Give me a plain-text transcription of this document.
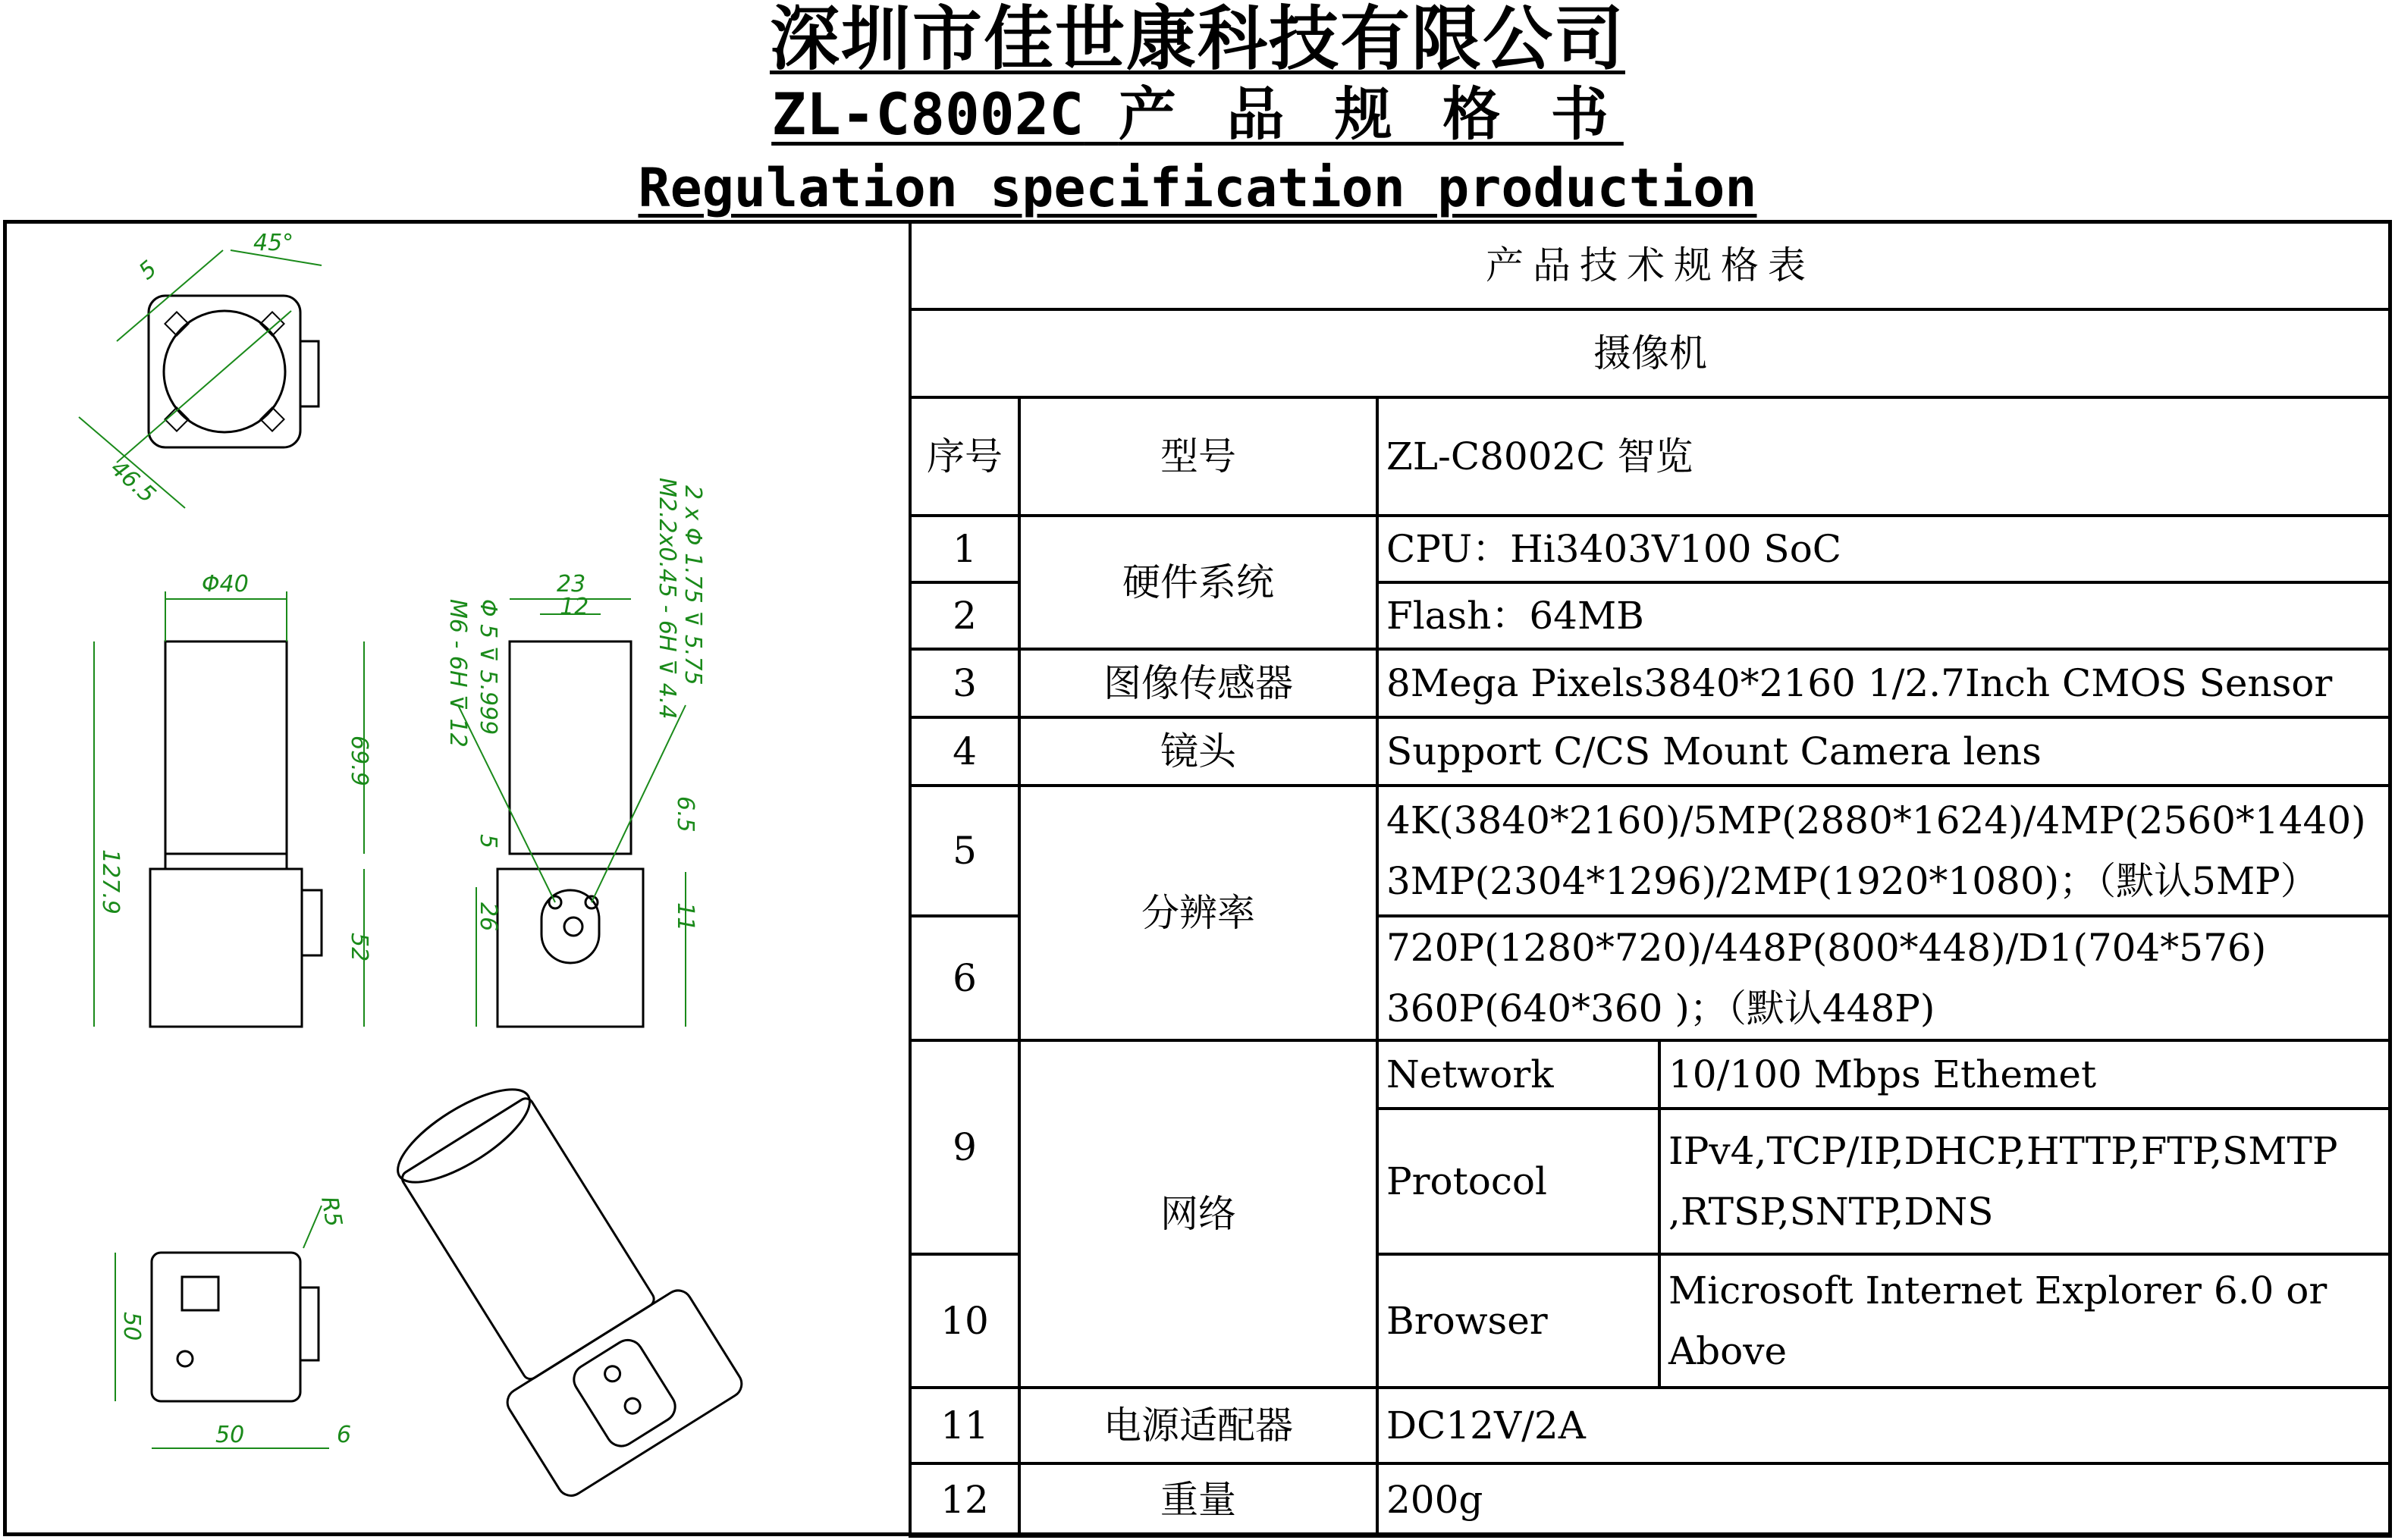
深圳市佳世康科技有限公司
ZL-C8002C 产 品 规 格 书
Regulation specification production
5
45°
46.5
Φ40
127.9
69.9
52
23
12
Φ 5 ⊽ 5.999
M6 - 6H ⊽ 12	2 x Φ 1.75 ⊽ 5.75
M2.2x0.45 - 6H ⊽ 4.4
5
26
6.5
11
R5
50
50	6
产品技术规格表			
摄像机			
序号	型号	ZL-C8002C 智览	
1	硬件系统	CPU：Hi3403V100 SoC	
2		Flash：64MB	
3	图像传感器	8Mega Pixels3840*2160 1/2.7Inch CMOS Sensor	
4	镜头	Support C/CS Mount Camera lens	
5	分辨率	4K(3840*2160)/5MP(2880*1624)/4MP(2560*1440)
3MP(2304*1296)/2MP(1920*1080)；（默认5MP）	

6		720P(1280*720)/448P(800*448)/D1(704*576)
360P(640*360 )；（默认448P)	

9	网络	Network	10/100 Mbps Ethemet
		Protocol	IPv4,TCP/IP,DHCP,HTTP,FTP,SMTP
,RTSP,SNTP,DNS

10		Browser	Microsoft Internet Explorer 6.0 or
Above

11	电源适配器	DC12V/2A	
12	重量	200g	
